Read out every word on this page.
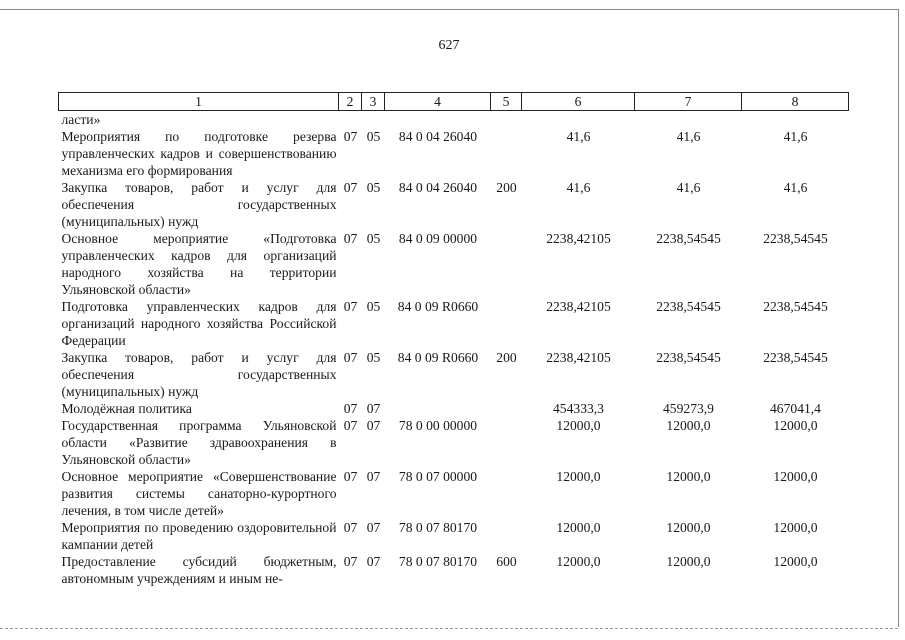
627
1	2	3	4	5	6	7	8
ласти»							
Мероприятия по подготовке резерва управленческих кадров и совершенствованию механизма его формирования	07	05	84 0 04 26040		41,6	41,6	41,6
Закупка товаров, работ и услуг для обеспечения государственных (муниципальных) нужд	07	05	84 0 04 26040	200	41,6	41,6	41,6
Основное мероприятие «Подготовка управленческих кадров для организаций народного хозяйства на территории Ульяновской области»	07	05	84 0 09 00000		2238,42105	2238,54545	2238,54545
Подготовка управленческих кадров для организаций народного хозяйства Российской Федерации	07	05	84 0 09 R0660		2238,42105	2238,54545	2238,54545
Закупка товаров, работ и услуг для обеспечения государственных (муниципальных) нужд	07	05	84 0 09 R0660	200	2238,42105	2238,54545	2238,54545
Молодёжная политика	07	07			454333,3	459273,9	467041,4
Государственная программа Ульяновской области «Развитие здравоохранения в Ульяновской области»	07	07	78 0 00 00000		12000,0	12000,0	12000,0
Основное мероприятие «Совершенствование развития системы санаторно-курортного лечения, в том числе детей»	07	07	78 0 07 00000		12000,0	12000,0	12000,0
Мероприятия по проведению оздоровительной кампании детей	07	07	78 0 07 80170		12000,0	12000,0	12000,0
Предоставление субсидий бюджетным, автономным учреждениям и иным не-	07	07	78 0 07 80170	600	12000,0	12000,0	12000,0
